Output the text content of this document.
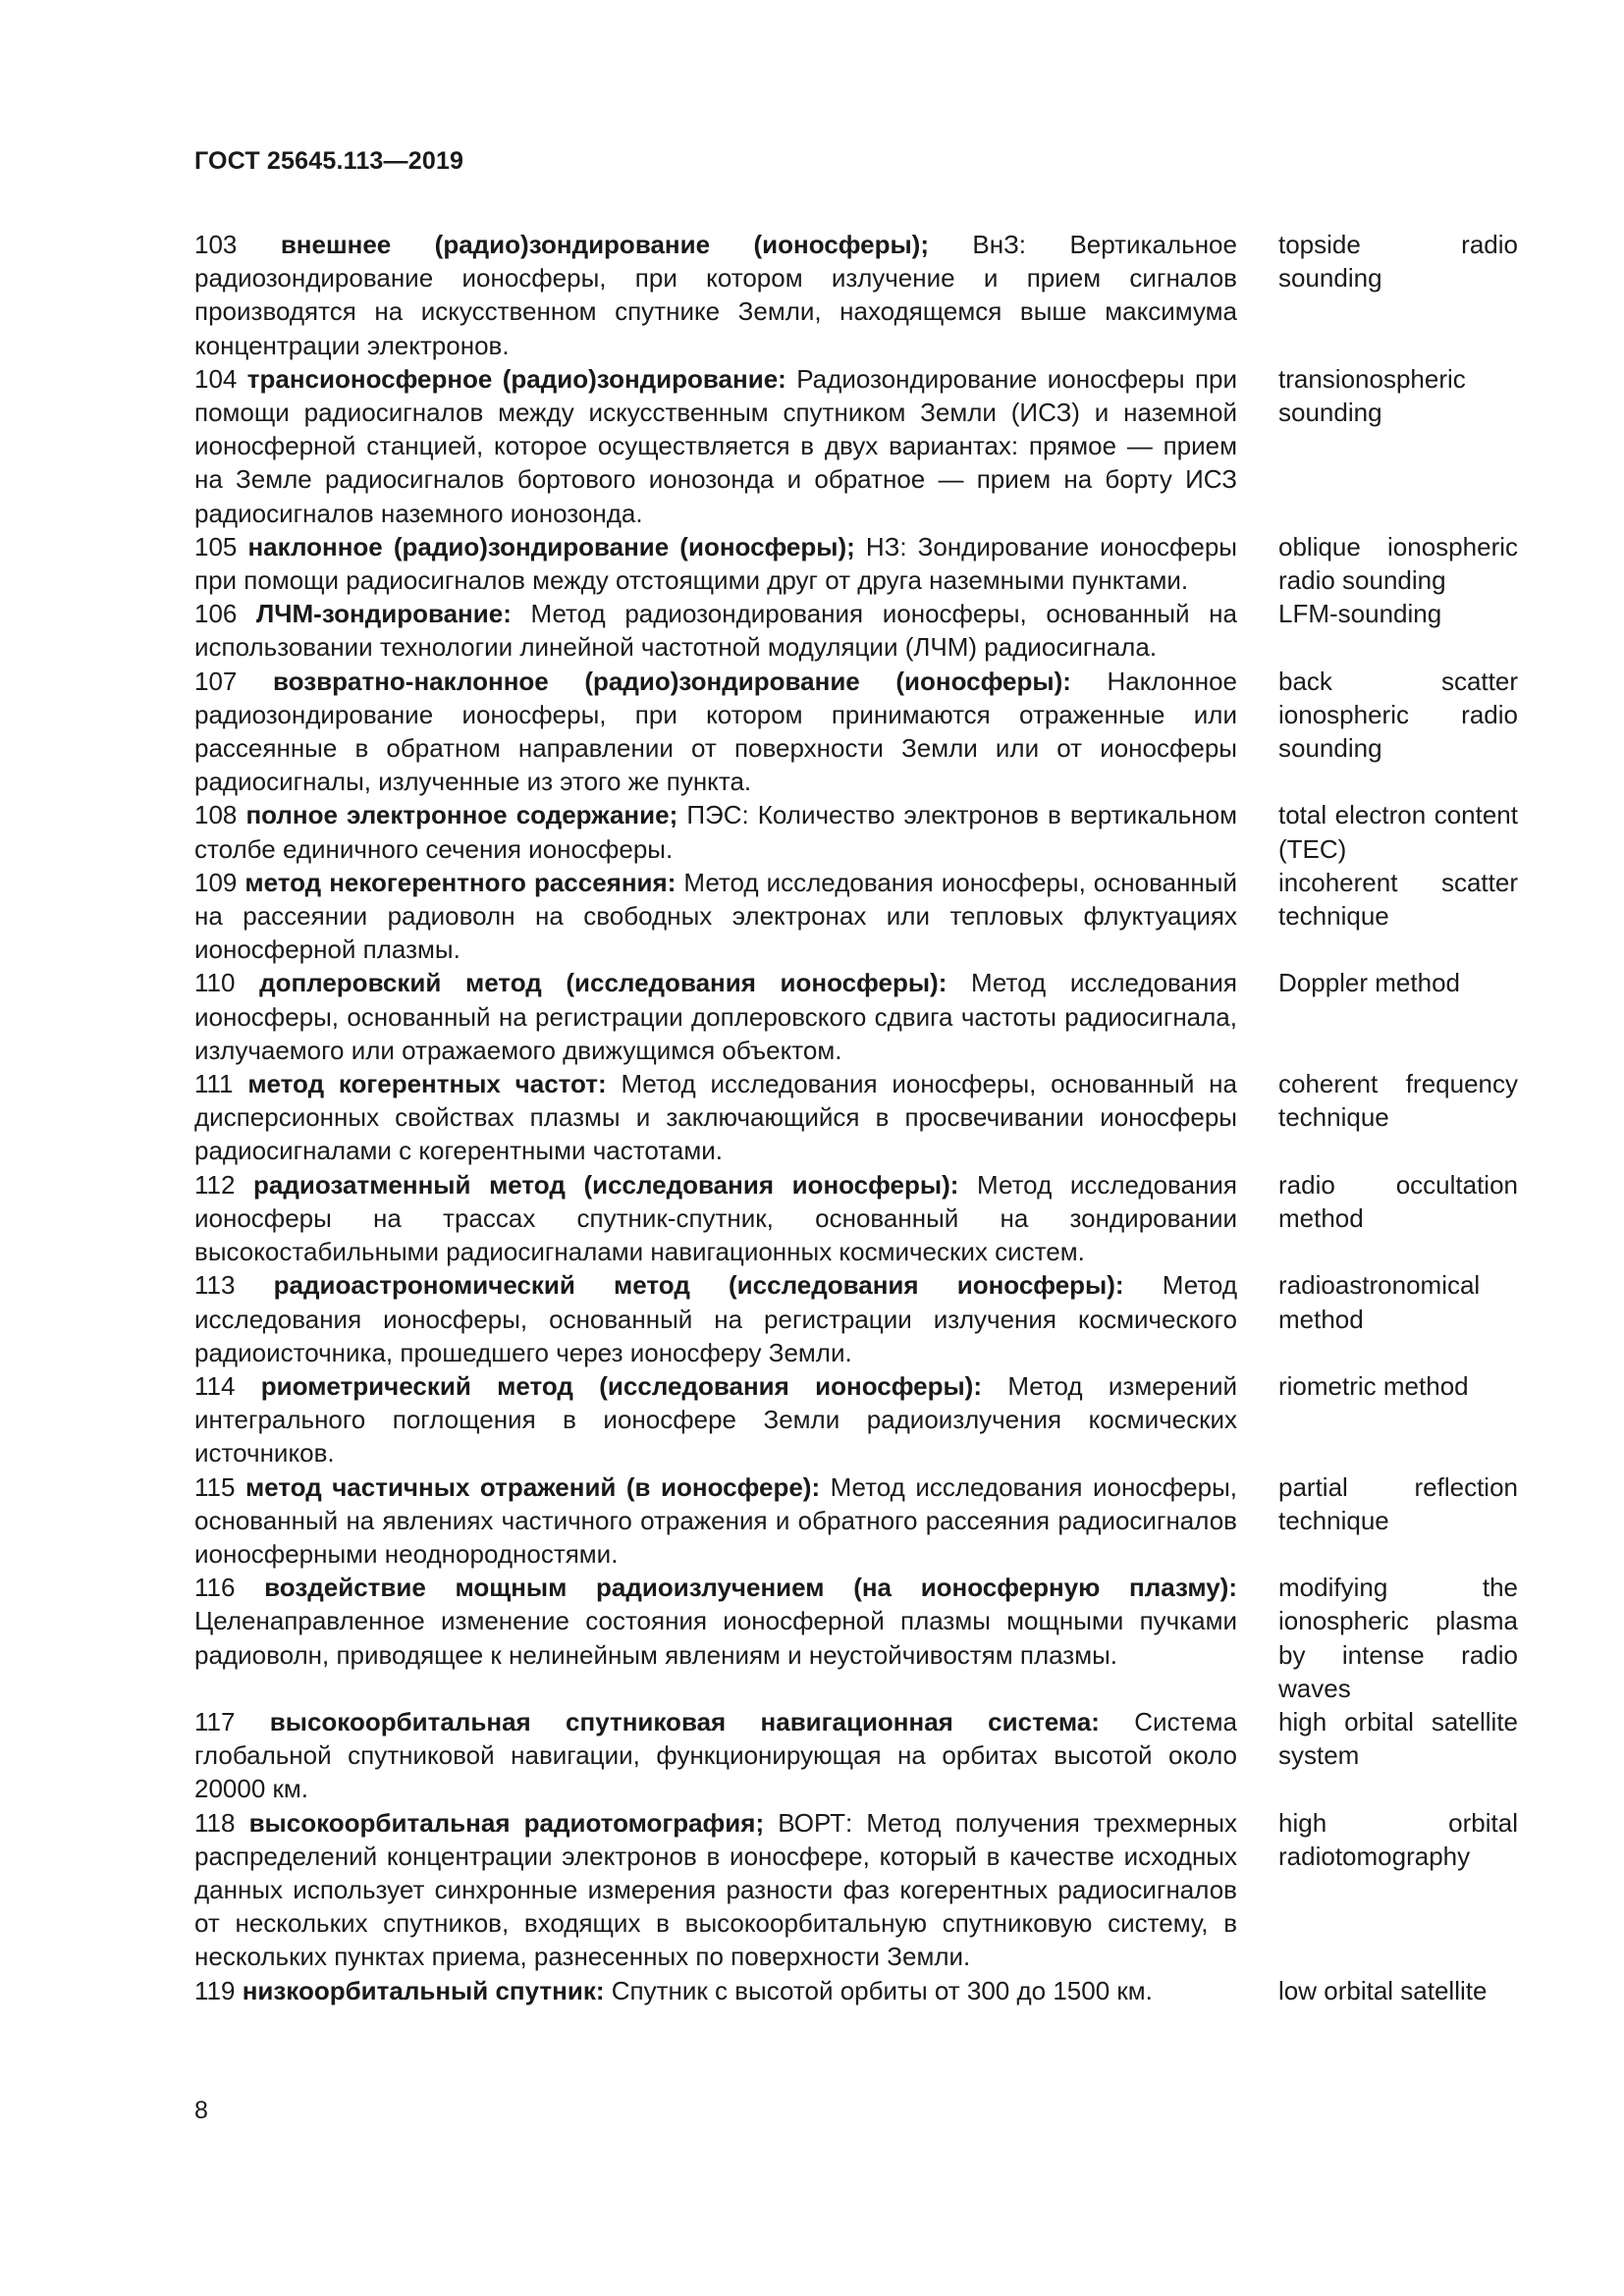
ГОСТ 25645.113—2019
103 внешнее (радио)зондирование (ионосферы); ВнЗ: Вертикальное радиозондирование ионосферы, при котором излучение и прием сигналов производятся на искусственном спутнике Земли, находящемся выше максимума концентрации электронов.
topside radio sounding
104 трансионосферное (радио)зондирование: Радиозондирование ионосферы при помощи радиосигналов между искусственным спутником Земли (ИСЗ) и наземной ионосферной станцией, которое осуществляется в двух вариантах: прямое — прием на Земле радиосигналов бортового ионозонда и обратное — прием на борту ИСЗ радиосигналов наземного ионозонда.
transionospheric sounding
105 наклонное (радио)зондирование (ионосферы); НЗ: Зондирование ионосферы при помощи радиосигналов между отстоящими друг от друга наземными пунктами.
oblique ionospheric radio sounding
106 ЛЧМ-зондирование: Метод радиозондирования ионосферы, основанный на использовании технологии линейной частотной модуляции (ЛЧМ) радиосигнала.
LFM-sounding
107 возвратно-наклонное (радио)зондирование (ионосферы): Наклонное радиозондирование ионосферы, при котором принимаются отраженные или рассеянные в обратном направлении от поверхности Земли или от ионосферы радиосигналы, излученные из этого же пункта.
back scatter ionospheric radio sounding
108 полное электронное содержание; ПЭС: Количество электронов в вертикальном столбе единичного сечения ионосферы.
total electron content (TEC)
109 метод некогерентного рассеяния: Метод исследования ионосферы, основанный на рассеянии радиоволн на свободных электронах или тепловых флуктуациях ионосферной плазмы.
incoherent scatter technique
110 доплеровский метод (исследования ионосферы): Метод исследования ионосферы, основанный на регистрации доплеровского сдвига частоты радиосигнала, излучаемого или отражаемого движущимся объектом.
Doppler method
111 метод когерентных частот: Метод исследования ионосферы, основанный на дисперсионных свойствах плазмы и заключающийся в просвечивании ионосферы радиосигналами с когерентными частотами.
coherent frequency technique
112 радиозатменный метод (исследования ионосферы): Метод исследования ионосферы на трассах спутник-спутник, основанный на зондировании высокостабильными радиосигналами навигационных космических систем.
radio occultation method
113 радиоастрономический метод (исследования ионосферы): Метод исследования ионосферы, основанный на регистрации излучения космического радиоисточника, прошедшего через ионосферу Земли.
radioastronomical method
114 риометрический метод (исследования ионосферы): Метод измерений интегрального поглощения в ионосфере Земли радиоизлучения космических источников.
riometric method
115 метод частичных отражений (в ионосфере): Метод исследования ионосферы, основанный на явлениях частичного отражения и обратного рассеяния радиосигналов ионосферными неоднородностями.
partial reflection technique
116 воздействие мощным радиоизлучением (на ионосферную плазму): Целенаправленное изменение состояния ионосферной плазмы мощными пучками радиоволн, приводящее к нелинейным явлениям и неустойчивостям плазмы.
modifying the ionospheric plasma by intense radio waves
117 высокоорбитальная спутниковая навигационная система: Система глобальной спутниковой навигации, функционирующая на орбитах высотой около 20000 км.
high orbital satellite system
118 высокоорбитальная радиотомография; ВОРТ: Метод получения трехмерных распределений концентрации электронов в ионосфере, который в качестве исходных данных использует синхронные измерения разности фаз когерентных радиосигналов от нескольких спутников, входящих в высокоорбитальную спутниковую систему, в нескольких пунктах приема, разнесенных по поверхности Земли.
high orbital radiotomography
119 низкоорбитальный спутник: Спутник с высотой орбиты от 300 до 1500 км.	low orbital satellite
8
